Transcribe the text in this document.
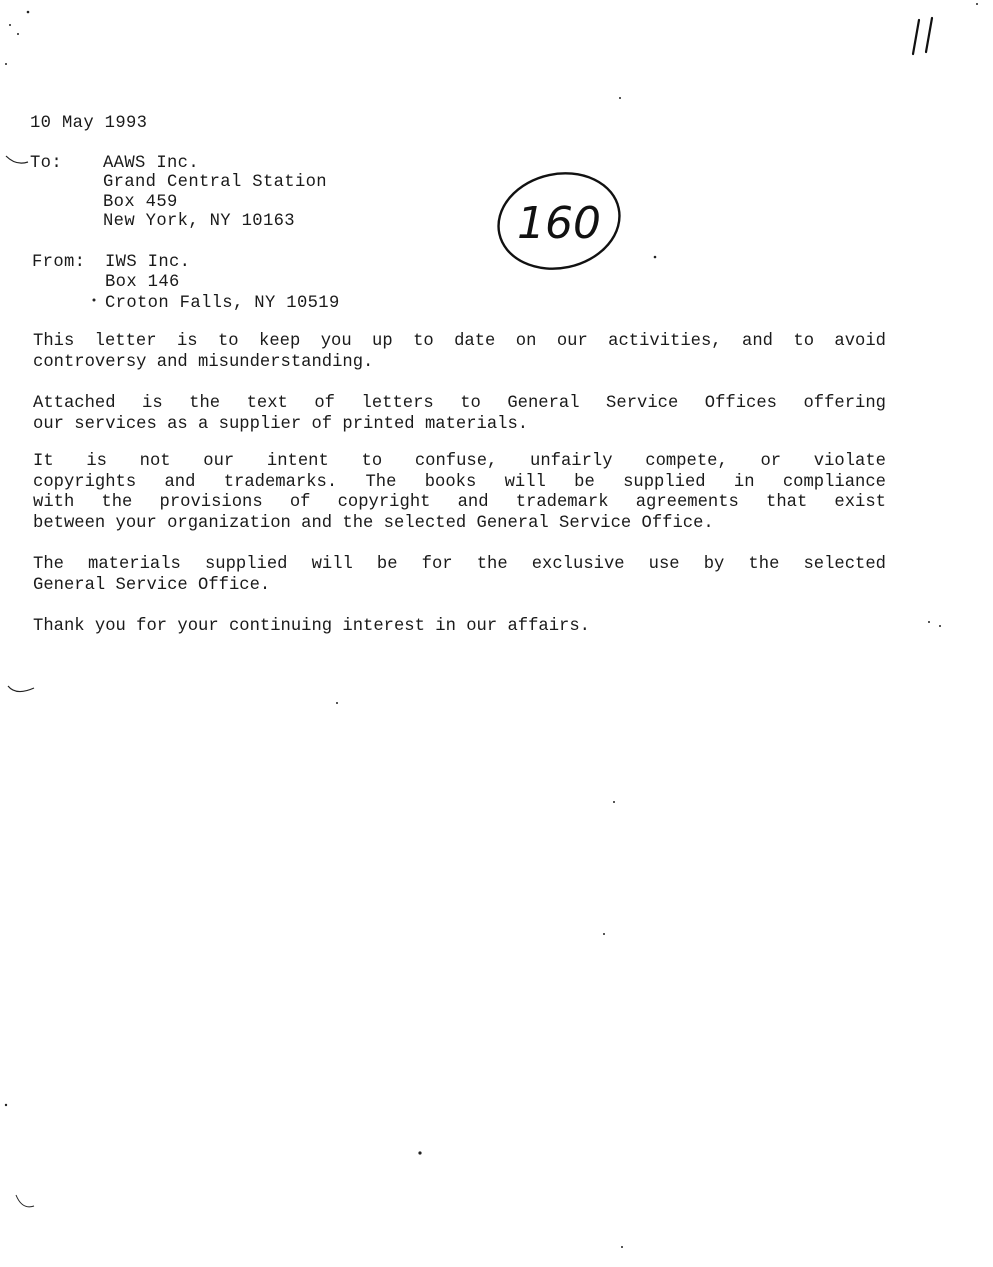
10 May 1993
To: AAWS Inc.
Grand Central Station
Box 459
New York, NY 10163	160
From: IWS Inc.
Box 146
Croton Falls, NY 10519
This letter is to keep you up to date on our activities, and to avoid
controversy and misunderstanding.
Attached is the text of letters to General Service Offices offering
our services as a supplier of printed materials.
It is not our intent to confuse, unfairly compete, or violate
copyrights and trademarks. The books will be supplied in compliance
with the provisions of copyright and trademark agreements that exist
between your organization and the selected General Service Office.
The materials supplied will be for the exclusive use by the selected
General Service Office.
Thank you for your continuing interest in our affairs.
